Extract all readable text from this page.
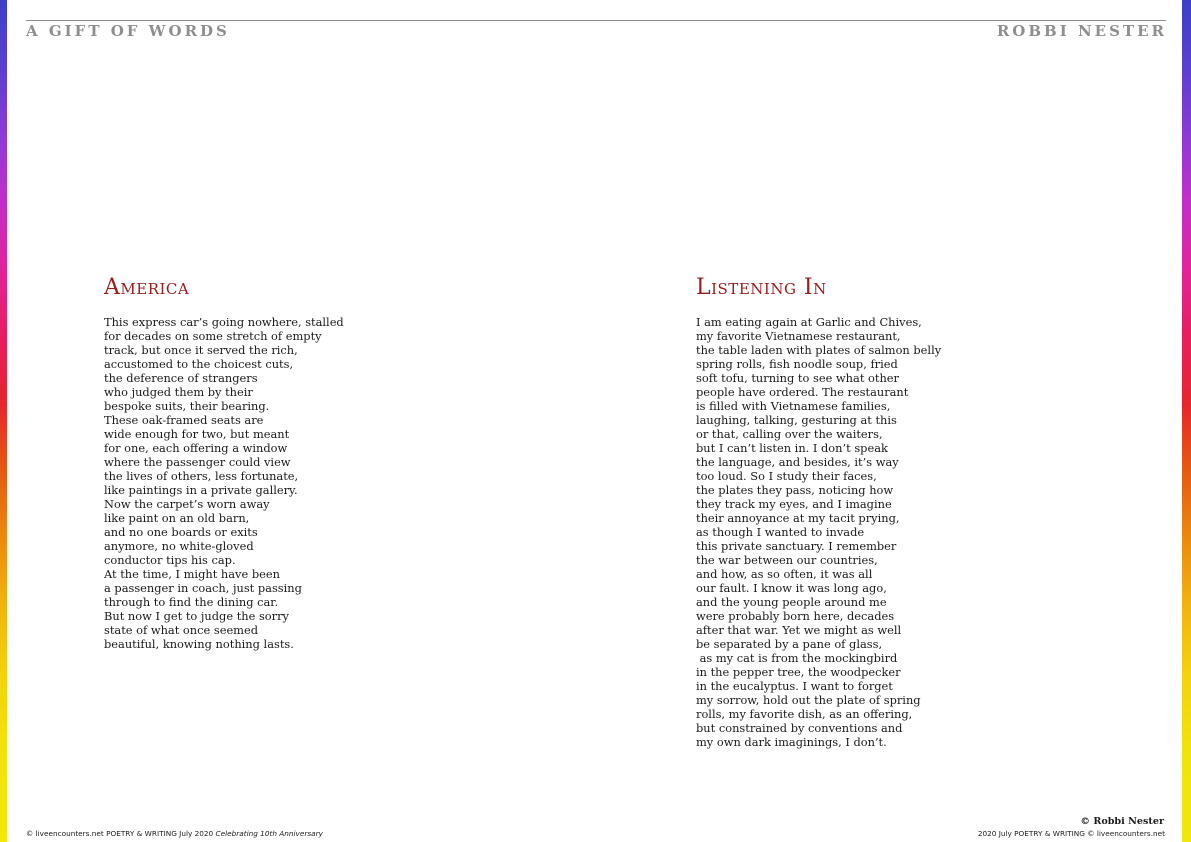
A GIFT OF WORDS	ROBBI NESTER
America
This express car’s going nowhere, stalled
for decades on some stretch of empty
track, but once it served the rich,
accustomed to the choicest cuts,
the deference of strangers
who judged them by their
bespoke suits, their bearing.
These oak-framed seats are
wide enough for two, but meant
for one, each offering a window
where the passenger could view
the lives of others, less fortunate,
like paintings in a private gallery.
Now the carpet’s worn away
like paint on an old barn,
and no one boards or exits
anymore, no white-gloved
conductor tips his cap.
At the time, I might have been
a passenger in coach, just passing
through to find the dining car.
But now I get to judge the sorry
state of what once seemed
beautiful, knowing nothing lasts.
Listening In
I am eating again at Garlic and Chives,
my favorite Vietnamese restaurant,
the table laden with plates of salmon belly
spring rolls, fish noodle soup, fried
soft tofu, turning to see what other
people have ordered. The restaurant
is filled with Vietnamese families,
laughing, talking, gesturing at this
or that, calling over the waiters,
but I can’t listen in. I don’t speak
the language, and besides, it’s way
too loud. So I study their faces,
the plates they pass, noticing how
they track my eyes, and I imagine
their annoyance at my tacit prying,
as though I wanted to invade
this private sanctuary. I remember
the war between our countries,
and how, as so often, it was all
our fault. I know it was long ago,
and the young people around me
were probably born here, decades
after that war. Yet we might as well
be separated by a pane of glass,
as my cat is from the mockingbird
in the pepper tree, the woodpecker
in the eucalyptus. I want to forget
my sorrow, hold out the plate of spring
rolls, my favorite dish, as an offering,
but constrained by conventions and
my own dark imaginings, I don’t.
© liveencounters.net POETRY & WRITING July 2020 Celebrating 10th Anniversary
© Robbi Nester
2020 July POETRY & WRITING © liveencounters.net
